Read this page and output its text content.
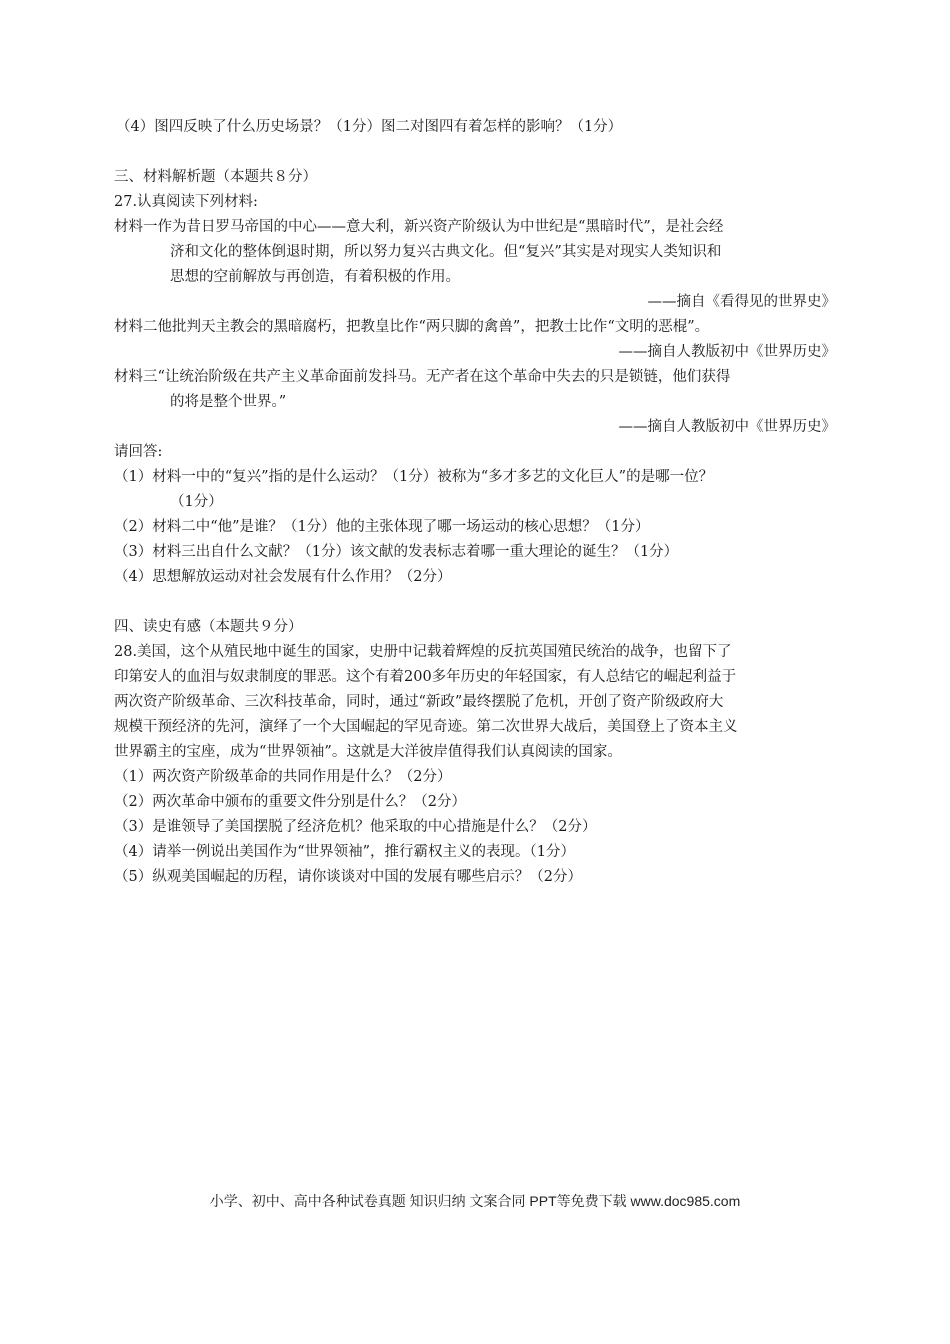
（4）图四反映了什么历史场景？（1分）图二对图四有着怎样的影响？（1分）
三、材料解析题（本题共８分）
27.认真阅读下列材料:
材料一作为昔日罗马帝国的中心——意大利，新兴资产阶级认为中世纪是“黑暗时代”，是社会经
济和文化的整体倒退时期，所以努力复兴古典文化。但“复兴”其实是对现实人类知识和
思想的空前解放与再创造，有着积极的作用。
——摘自《看得见的世界史》
材料二他批判天主教会的黑暗腐朽，把教皇比作“两只脚的禽兽”，把教士比作“文明的恶棍”。
——摘自人教版初中《世界历史》
材料三“让统治阶级在共产主义革命面前发抖马。无产者在这个革命中失去的只是锁链，他们获得
的将是整个世界。”
——摘自人教版初中《世界历史》
请回答:
（1）材料一中的“复兴”指的是什么运动？（1分）被称为“多才多艺的文化巨人”的是哪一位？
（1分）
（2）材料二中“他”是谁？（1分）他的主张体现了哪一场运动的核心思想？（1分）
（3）材料三出自什么文献？（1分）该文献的发表标志着哪一重大理论的诞生？（1分）
（4）思想解放运动对社会发展有什么作用？（2分）
四、读史有感（本题共９分）
28.美国，这个从殖民地中诞生的国家，史册中记载着辉煌的反抗英国殖民统治的战争，也留下了
印第安人的血泪与奴隶制度的罪恶。这个有着200多年历史的年轻国家，有人总结它的崛起利益于
两次资产阶级革命、三次科技革命，同时，通过“新政”最终摆脱了危机，开创了资产阶级政府大
规模干预经济的先河，演绎了一个大国崛起的罕见奇迹。第二次世界大战后，美国登上了资本主义
世界霸主的宝座，成为“世界领袖”。这就是大洋彼岸值得我们认真阅读的国家。
（1）两次资产阶级革命的共同作用是什么？（2分）
（2）两次革命中颁布的重要文件分别是什么？（2分）
（3）是谁领导了美国摆脱了经济危机？他采取的中心措施是什么？（2分）
（4）请举一例说出美国作为“世界领袖”，推行霸权主义的表现。（1分）
（5）纵观美国崛起的历程，请你谈谈对中国的发展有哪些启示？（2分）
小学、初中、高中各种试卷真题 知识归纳 文案合同 PPT等免费下载 www.doc985.com
